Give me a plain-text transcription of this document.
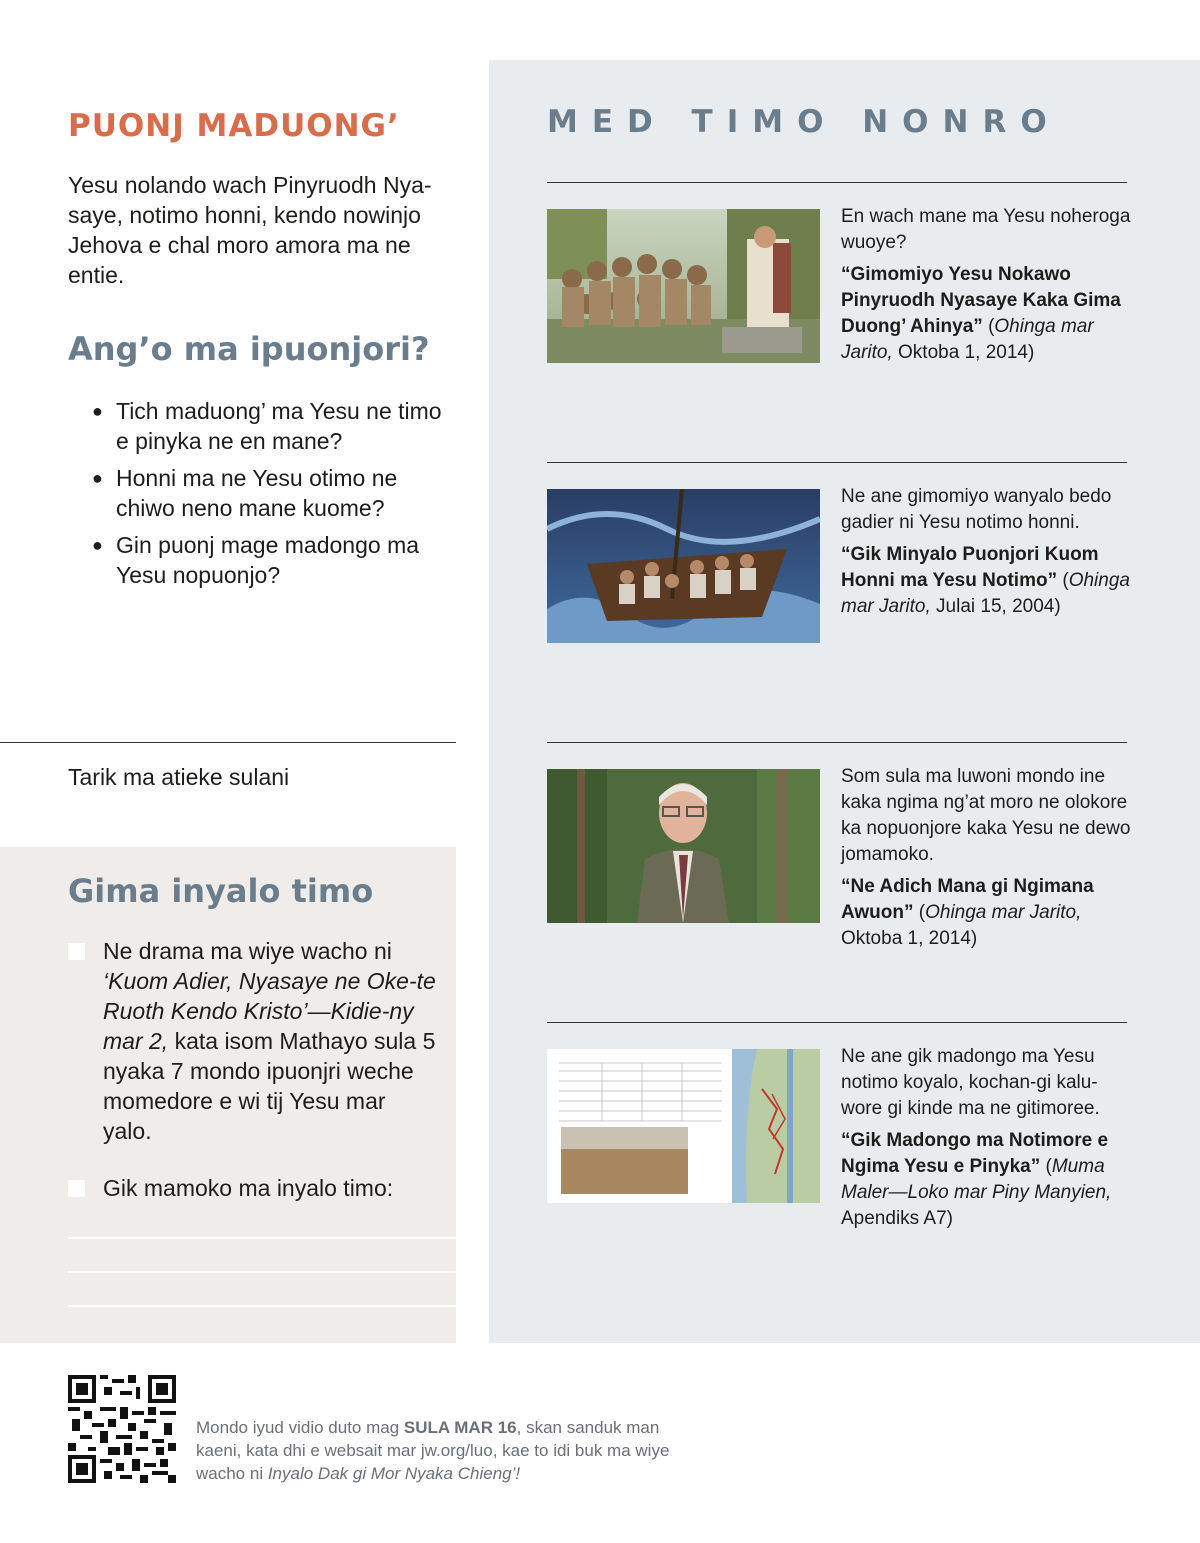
PUONJ MADUONG’

Yesu nolando wach Pinyruodh Nya-saye, notimo honni, kendo nowinjo Jehova e chal moro amora ma ne entie.

Ang’o ma ipuonjori?
● Tich maduong’ ma Yesu ne timo e pinyka ne en mane?
● Honni ma ne Yesu otimo ne chiwo neno mane kuome?
● Gin puonj mage madongo ma Yesu nopuonjo?
Tarik ma atieke sulani
Gima inyalo timo
Ne drama ma wiye wacho ni ‘Kuom Adier, Nyasaye ne Oke-te Ruoth Kendo Kristo’—Kidie-ny mar 2, kata isom Mathayo sula 5 nyaka 7 mondo ipuonjri weche momedore e wi tij Yesu mar yalo.
Gik mamoko ma inyalo timo:
MED TIMO NONRO
En wach mane ma Yesu noheroga wuoye?
“Gimomiyo Yesu Nokawo Pinyruodh Nyasaye Kaka Gima Duong’ Ahinya” (Ohinga mar Jarito, Oktoba 1, 2014)
Ne ane gimomiyo wanyalo bedo gadier ni Yesu notimo honni.
“Gik Minyalo Puonjori Kuom Honni ma Yesu Notimo” (Ohinga mar Jarito, Julai 15, 2004)
Som sula ma luwoni mondo ine kaka ngima ng’at moro ne olokore ka nopuonjore kaka Yesu ne dewo jomamoko.
“Ne Adich Mana gi Ngimana Awuon” (Ohinga mar Jarito, Oktoba 1, 2014)
Ne ane gik madongo ma Yesu notimo koyalo, kochan-gi kalu-wore gi kinde ma ne gitimoree.
“Gik Madongo ma Notimore e Ngima Yesu e Pinyka” (Muma Maler—Loko mar Piny Manyien, Apendiks A7)

Mondo iyud vidio duto mag SULA MAR 16, skan sanduk man kaeni, kata dhi e websait mar jw.org/luo, kae to idi buk ma wiye wacho ni Inyalo Dak gi Mor Nyaka Chieng’!
